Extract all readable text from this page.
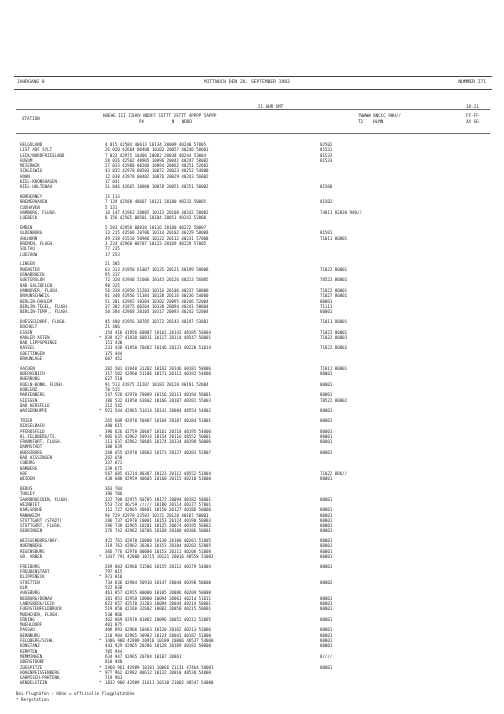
JAHRGANG 8	MITTWOCH DEN 28. SEPTEMBER 1983	NUMMER 271
21 UHR GMT	18-21
STATION
HOEHE III IIHVV NDDFF 1STTT 2STTT 4PPPP 5APPP
PX           N   NDDD
7WWWW 8NCCC 9HH//
T2    HLMN
FF-FF
XX GG
HELGOLAND	4 015 42584 40613 10134 20089 40240 57005	82502
LIST AUF SYLT	26 020 42684 80408 10102 20057 40246 58001	81531
LECK/NORDFRIESLAND	7 022 42975 10406 10082 20038 40244 53004	81533
HUSUM	28 026 42582 40905 10096 20041 40247 50002	81533
MEIERWIK	27 033 42980 00206 10094 20062 40251 52002
SCHLESWIG	43 035 42970 00503 10072 20023 40252 54000
HOHN	12 038 42970 00402 10076 20029 40243 56002
KIEL-KRONSHAGEN	17 041
KIEL-HOLTENAU	31 046 42665 10000 10078 20051 40251 50002	81500
NORDERNEY	11 113
BREMERHAVEN	7 129 42580 40607 10121 20100 40233 58005	81502
CUXHAVEN	5 131
HAMBURG, FLUGH.	16 147 41963 20805 10113 20100 40242 58002	74011 82030 940//
LUEBECK	8 156 42565 00501 10104 20051 40243 52000
EMDEN	5 203 42958 00810 10116 20100 40222 58007
OLDENBURG	12 215 42560 20706 10114 20102 40229 58008	81501
AHLHORN	49 218 41510 50906 10122 20112 40231 57008	71011 80001
BREMEN, FLUGH.	3 224 42960 00707 10123 20109 40229 57005
SOLTAU	77 235
LUECHOW	17 253
LINGEN	21 305
MUENSTER	63 313 41950 61007 10135 20121 40199 58008	71022 80001
OSNABRUECK	95 317
GUETERSLOH	72 320 41940 51606 10143 20126 40213 56005	70522 80002
BAD SALZUFLEN	98 325
HANNOVER, FLUGH.	56 338 41950 51203 10116 20106 40237 50000	71022 80001
BRAUNSCHWEIG	81 348 41956 51304 10120 20116 40236 54000	71027 80002
BERLIN-DAHLEM	51 381 42965 30304 10102 20095 40246 52004	80001
BERLIN-TEGEL, FLUGH.	37 382 41975 00204 10130 20094 40241 50004	71111
BERLIN-TEMP., FLUGH.	50 384 42968 20105 10117 20093 40242 52004	80001
DUESSELDORF, FLUGH.	45 400 41956 30705 10172 20143 40197 53001	71011 80001
BOCHOLT	21 406
ESSEN	154 410 41956 60807 10162 20142 40195 58004	71022 80002
KAHLER ASTEN	* 839 427 41930 60811 10117 20114 48547 58001	71022 80003
BAD LIPPSPRINGE	151 430
KASSEL	231 438 41950 70402 10146 20131 40220 51014	71022 80002
GOETTINGEN	175 444
BRAUNLAGE	607 452
AACHEN	202 501 41940 31202 10162 20146 40181 58006	71011 80001
NOERVENICH	117 502 42960 51106 10171 20113 40192 54000	80001
NUERBURG	627 510
KOELN-BONN, FLUGH.	91 513 42975 21207 10183 20128 40191 52004	80001
KOBLENZ	70 515
MARIENBERG	547 526 42970 70809 10156 20113 40194 58001	80001
GIESSEN	186 532 41950 63602 10166 20107 40201 55003	70522 80002
BAD HERSFELD	212 542
WASSERKUPPE	* 921 544 42965 51414 10141 20084 48554 54002	80001
TRIER	265 609 42970 50407 10184 20107 40184 51001	80001
DEUSELBACH	480 615
PFERDSFELD	396 626 42759 20607 10161 20110 40195 54000	80001
KL.FELDBERG/TS.	* 805 635 42962 50914 10154 20116 48552 50001	80001
FRANKFURT, FLUGH.	111 637 42962 50605 10174 20134 40198 50006	80001
DARMSTADT	108 639
WUERZBURG	268 655 42970 10603 10173 20127 40203 52007	80001
BAD KISSINGEN	262 658
COBURG	337 671
BAMBERG	239 675
HOF	567 685 41214 80307 10123 20112 48552 51004	71022 886//
WEIDEN	438 688 42959 40605 10160 20115 40218 53008	80001
BERUS	363 704
THOLEY	396 706
SAARBRUECKEN, FLUGH.	322 708 42975 60705 10172 20094 40182 58001	80001
WEINBIET	553 724 46/59 ///// 10180 20114 40177 57001
KARLSRUHE	112 727 42965 40601 10150 20127 40186 50000	80001
MANNHEIM	96 729 42970 23503 10171 20128 40187 50003	80001
STUTTGART (STADT)	286 737 42970 10001 10153 20124 40190 50003	80001
STUTTGART, FLUGH.	396 738 42965 10201 10125 20074 40195 50002	80001
OEHRINGEN	276 742 42962 10706 10168 20100 40186 50001	80001
WEISSENBURG/BAY.	422 761 42970 10000 10130 20100 40201 51005	80001
NUERNBERG	319 763 42962 30303 10153 20104 40202 52005	80001
REGENSBURG	366 776 42970 00000 10153 20111 40206 51008	80001
GR. ARBER	* 1437 791 42880 10715 10121 20016 48558 53002	80001
FREIBURG	269 803 42960 51506 10155 20112 40179 54004	80001
FREUDENSTADT	797 815
KLIPPENECK	* 973 818
STOETTEN	734 836 42984 50910 10147 20044 40198 50000	80002
ULM	522 838
AUGSBURG	461 857 42955 00000 10105 20086 40209 50000
NEUBURG/DONAU	381 853 42958 10000 10094 20063 40214 51011	80001
LANDSBERG/LECH	623 857 42570 31203 10094 20044 40214 58001	80001
FUERSTENFELDBRUCK	519 858 42168 32602 10082 20050 40215 50001	80001
MUENCHEN, FLUGH.	530 866
ERDING	462 869 42970 01802 10096 20052 40211 52005	80001
MUEHLDORF	401 875
PASSAU	409 893 42966 10403 10120 20102 40213 53006	80001
BERNBURG	210 904 42965 30903 10124 20041 40187 51000	80001
FELDBERG/SCHW.	* 1486 908 42889 20916 10109 20086 48537 54000	80001
KONSTANZ	443 929 42965 20206 10128 20109 40191 50000	80001
KEMPTEN	705 944
MEMMINGEN	634 947 42965 20704 10107 20061	8////
OBERSTDORF	810 948
ZUGSPITZE	* 2960 961 42989 10101 10066 21131 47464 58001	80001
HOHENPEISSENBERG	* 977 962 42982 00612 10132 20010 48538 54000
GARMISCH-PARTENK.	719 963
WENDELSTEIN	* 1832 980 42989 31611 10130 21002 48547 54000
Bei Flughäfen : Höhe = offizielle Flugplatzhöhe
* Bergstation
